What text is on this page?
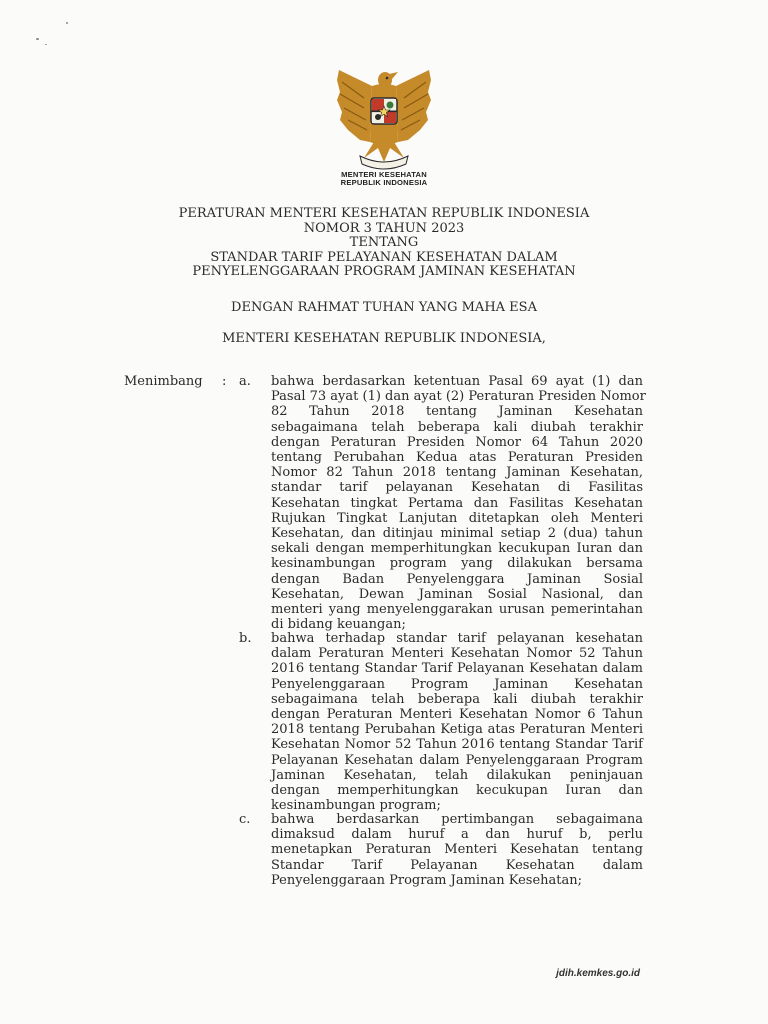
MENTERI KESEHATAN
REPUBLIK INDONESIA
PERATURAN MENTERI KESEHATAN REPUBLIK INDONESIA
NOMOR 3 TAHUN 2023
TENTANG
STANDAR TARIF PELAYANAN KESEHATAN DALAM
PENYELENGGARAAN PROGRAM JAMINAN KESEHATAN
DENGAN RAHMAT TUHAN YANG MAHA ESA
MENTERI KESEHATAN REPUBLIK INDONESIA,
Menimbang : a. bahwa berdasarkan ketentuan Pasal 69 ayat (1) dan
Pasal 73 ayat (1) dan ayat (2) Peraturan Presiden Nomor
82 Tahun 2018 tentang Jaminan Kesehatan
sebagaimana telah beberapa kali diubah terakhir
dengan Peraturan Presiden Nomor 64 Tahun 2020
tentang Perubahan Kedua atas Peraturan Presiden
Nomor 82 Tahun 2018 tentang Jaminan Kesehatan,
standar tarif pelayanan Kesehatan di Fasilitas
Kesehatan tingkat Pertama dan Fasilitas Kesehatan
Rujukan Tingkat Lanjutan ditetapkan oleh Menteri
Kesehatan, dan ditinjau minimal setiap 2 (dua) tahun
sekali dengan memperhitungkan kecukupan Iuran dan
kesinambungan program yang dilakukan bersama
dengan Badan Penyelenggara Jaminan Sosial
Kesehatan, Dewan Jaminan Sosial Nasional, dan
menteri yang menyelenggarakan urusan pemerintahan
di bidang keuangan;
b. bahwa terhadap standar tarif pelayanan kesehatan
dalam Peraturan Menteri Kesehatan Nomor 52 Tahun
2016 tentang Standar Tarif Pelayanan Kesehatan dalam
Penyelenggaraan Program Jaminan Kesehatan
sebagaimana telah beberapa kali diubah terakhir
dengan Peraturan Menteri Kesehatan Nomor 6 Tahun
2018 tentang Perubahan Ketiga atas Peraturan Menteri
Kesehatan Nomor 52 Tahun 2016 tentang Standar Tarif
Pelayanan Kesehatan dalam Penyelenggaraan Program
Jaminan Kesehatan, telah dilakukan peninjauan
dengan memperhitungkan kecukupan Iuran dan
kesinambungan program;
c. bahwa berdasarkan pertimbangan sebagaimana
dimaksud dalam huruf a dan huruf b, perlu
menetapkan Peraturan Menteri Kesehatan tentang
Standar Tarif Pelayanan Kesehatan dalam
Penyelenggaraan Program Jaminan Kesehatan;
jdih.kemkes.go.id
